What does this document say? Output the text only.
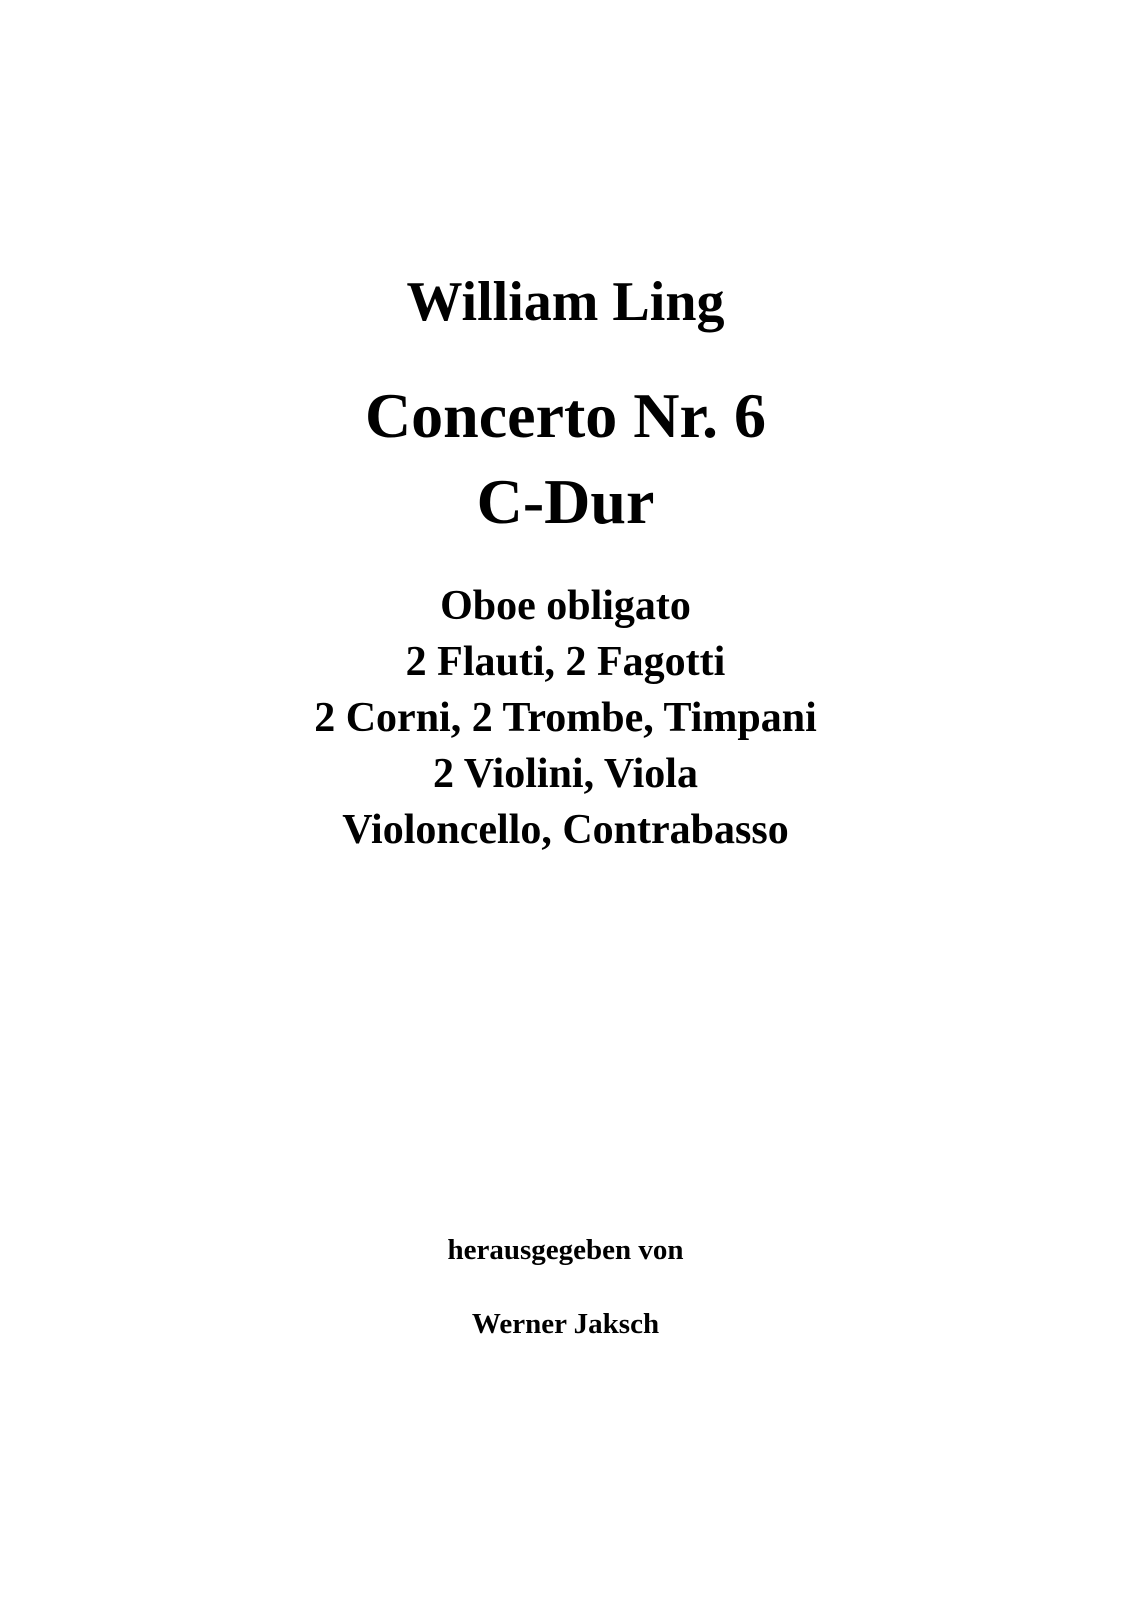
William Ling
Concerto Nr. 6
C-Dur
Oboe obligato
2 Flauti, 2 Fagotti
2 Corni, 2 Trombe, Timpani
2 Violini, Viola
Violoncello, Contrabasso
herausgegeben von
Werner Jaksch
